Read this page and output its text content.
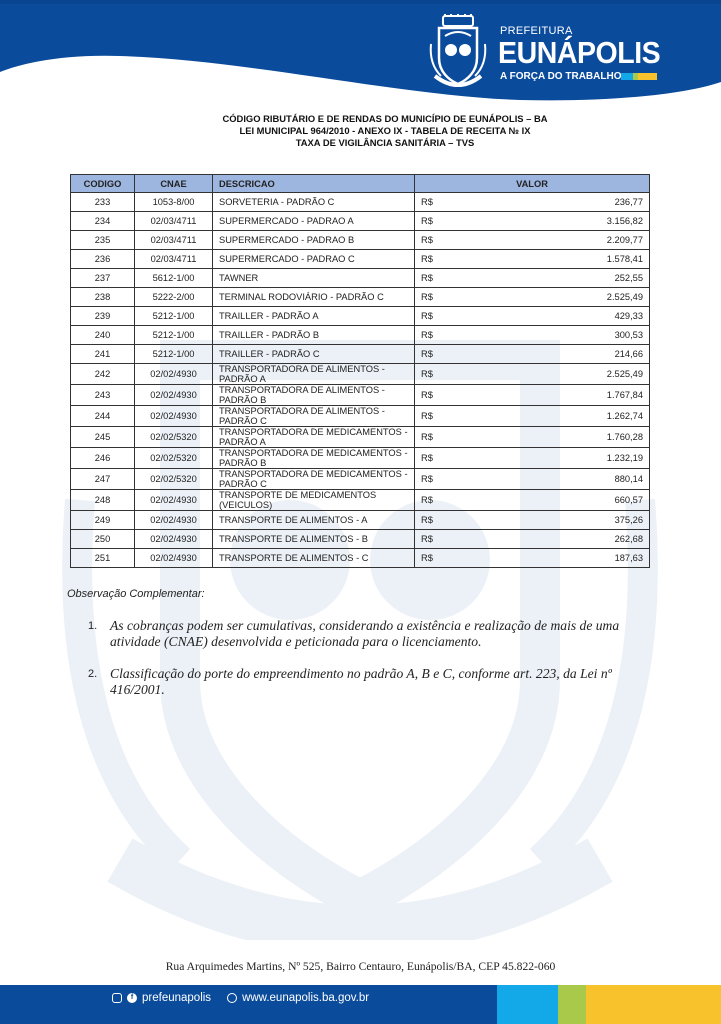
PREFEITURA
EUNÁPOLIS
A FORÇA DO TRABALHO
CÓDIGO RIBUTÁRIO E DE RENDAS DO MUNICÍPIO DE EUNÁPOLIS – BA
LEI MUNICIPAL 964/2010 - ANEXO IX - TABELA DE RECEITA № IX
TAXA DE VIGILÂNCIA SANITÁRIA – TVS
CODIGO	CNAE	DESCRICAO	VALOR	
233	1053-8/00	SORVETERIA - PADRÃO C	R$	236,77
234	02/03/4711	SUPERMERCADO - PADRAO A	R$	3.156,82
235	02/03/4711	SUPERMERCADO - PADRAO B	R$	2.209,77
236	02/03/4711	SUPERMERCADO - PADRAO C	R$	1.578,41
237	5612-1/00	TAWNER	R$	252,55
238	5222-2/00	TERMINAL RODOVIÁRIO - PADRÃO C	R$	2.525,49
239	5212-1/00	TRAILLER - PADRÃO A	R$	429,33
240	5212-1/00	TRAILLER - PADRÃO B	R$	300,53
241	5212-1/00	TRAILLER - PADRÃO C	R$	214,66
242	02/02/4930	TRANSPORTADORA DE ALIMENTOS - PADRÃO A	R$	2.525,49
243	02/02/4930	TRANSPORTADORA DE ALIMENTOS - PADRÃO B	R$	1.767,84
244	02/02/4930	TRANSPORTADORA DE ALIMENTOS - PADRÃO C	R$	1.262,74
245	02/02/5320	TRANSPORTADORA DE MEDICAMENTOS - PADRÃO A	R$	1.760,28
246	02/02/5320	TRANSPORTADORA DE MEDICAMENTOS - PADRÃO B	R$	1.232,19
247	02/02/5320	TRANSPORTADORA DE MEDICAMENTOS - PADRÃO C	R$	880,14
248	02/02/4930	TRANSPORTE DE MEDICAMENTOS (VEICULOS)	R$	660,57
249	02/02/4930	TRANSPORTE DE ALIMENTOS - A	R$	375,26
250	02/02/4930	TRANSPORTE DE ALIMENTOS - B	R$	262,68
251	02/02/4930	TRANSPORTE DE ALIMENTOS - C	R$	187,63
Observação Complementar:
1. As cobranças podem ser cumulativas, considerando a existência e realização de mais de uma atividade (CNAE) desenvolvida e peticionada para o licenciamento.
2. Classificação do porte do empreendimento no padrão A, B e C, conforme art. 223, da Lei nº 416/2001.
Rua Arquimedes Martins, Nº 525, Bairro Centauro, Eunápolis/BA, CEP 45.822-060
f prefeunapolis	www.eunapolis.ba.gov.br
